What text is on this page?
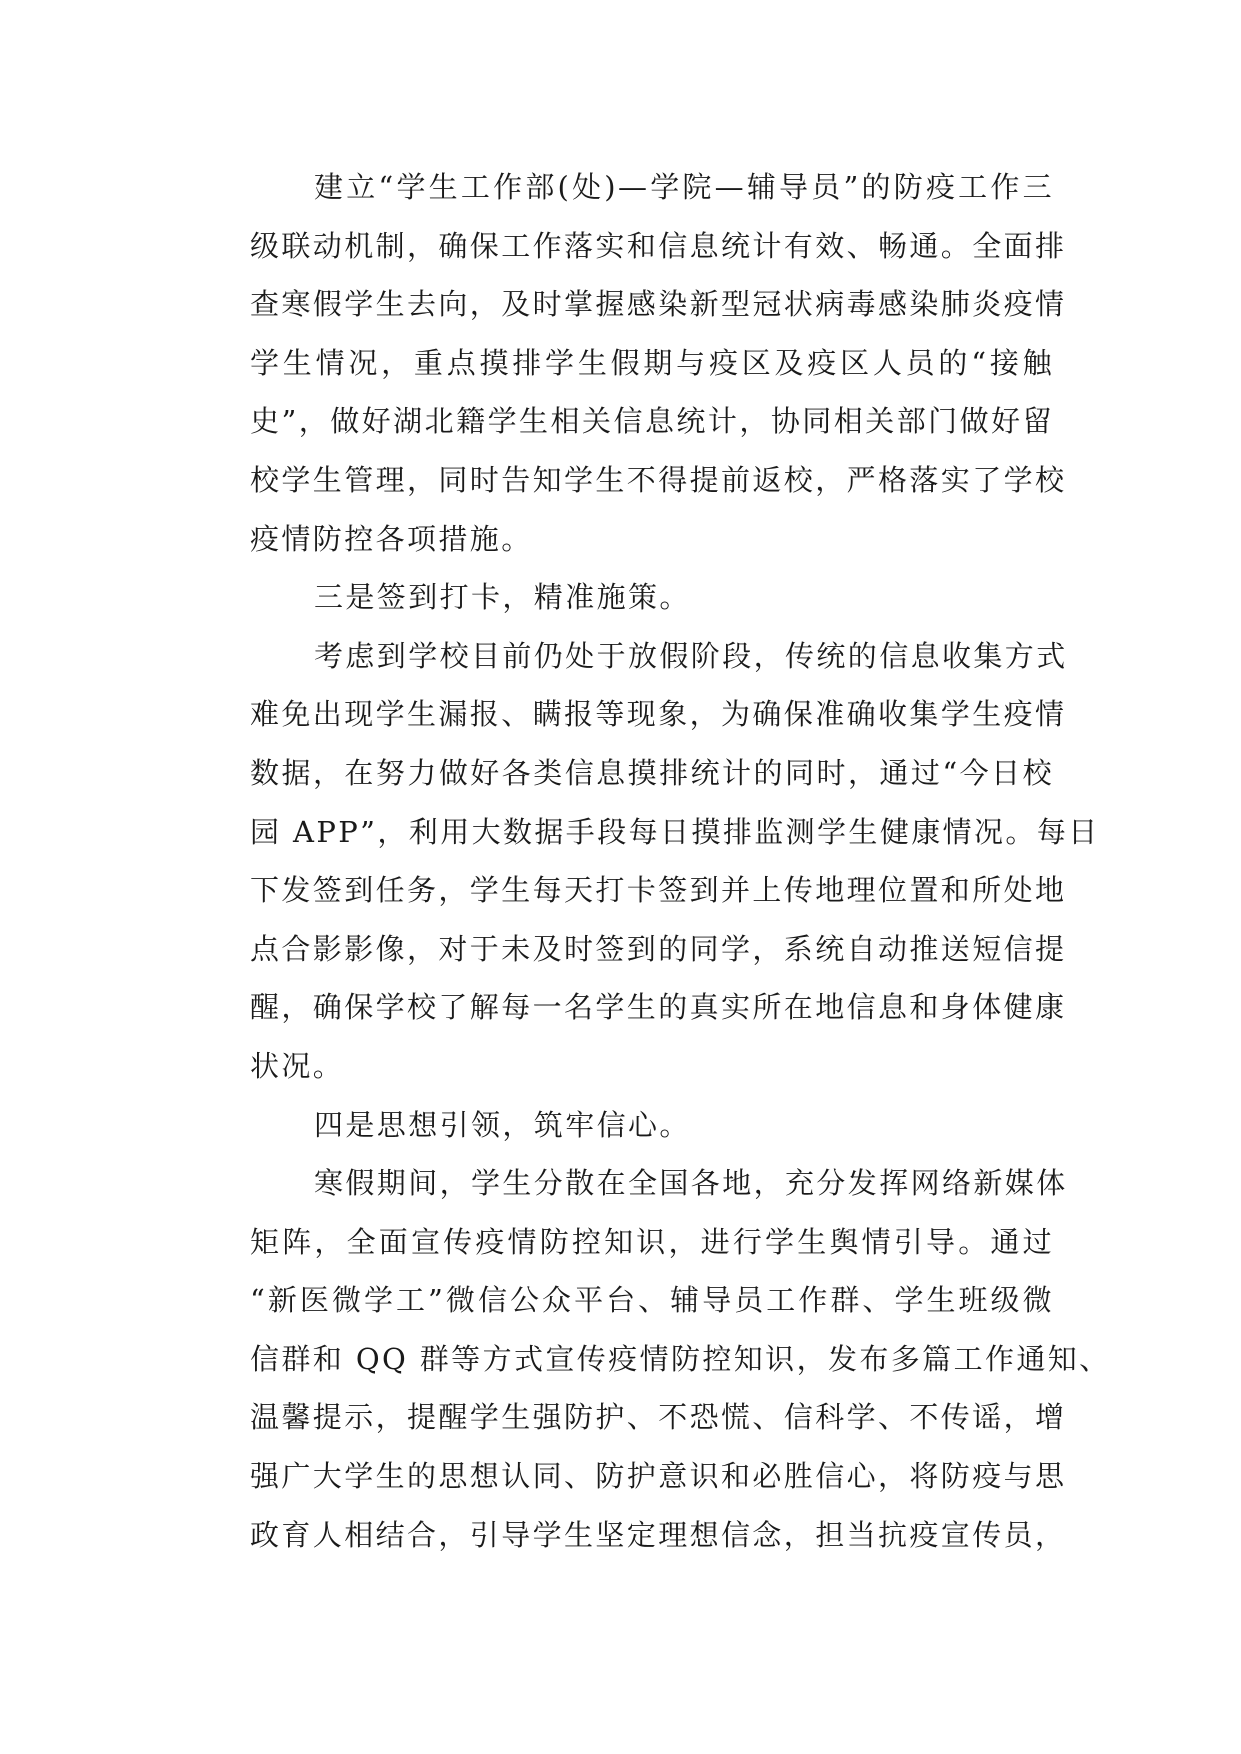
建立“学生工作部(处)—学院—辅导员”的防疫工作三
级联动机制，确保工作落实和信息统计有效、畅通。全面排
查寒假学生去向，及时掌握感染新型冠状病毒感染肺炎疫情
学生情况，重点摸排学生假期与疫区及疫区人员的“接触
史”，做好湖北籍学生相关信息统计，协同相关部门做好留
校学生管理，同时告知学生不得提前返校，严格落实了学校
疫情防控各项措施。
三是签到打卡，精准施策。
考虑到学校目前仍处于放假阶段，传统的信息收集方式
难免出现学生漏报、瞒报等现象，为确保准确收集学生疫情
数据，在努力做好各类信息摸排统计的同时，通过“今日校
园 APP”，利用大数据手段每日摸排监测学生健康情况。每日
下发签到任务，学生每天打卡签到并上传地理位置和所处地
点合影影像，对于未及时签到的同学，系统自动推送短信提
醒，确保学校了解每一名学生的真实所在地信息和身体健康
状况。
四是思想引领，筑牢信心。
寒假期间，学生分散在全国各地，充分发挥网络新媒体
矩阵，全面宣传疫情防控知识，进行学生舆情引导。通过
“新医微学工”微信公众平台、辅导员工作群、学生班级微
信群和 QQ 群等方式宣传疫情防控知识，发布多篇工作通知、
温馨提示，提醒学生强防护、不恐慌、信科学、不传谣，增
强广大学生的思想认同、防护意识和必胜信心，将防疫与思
政育人相结合，引导学生坚定理想信念，担当抗疫宣传员，
